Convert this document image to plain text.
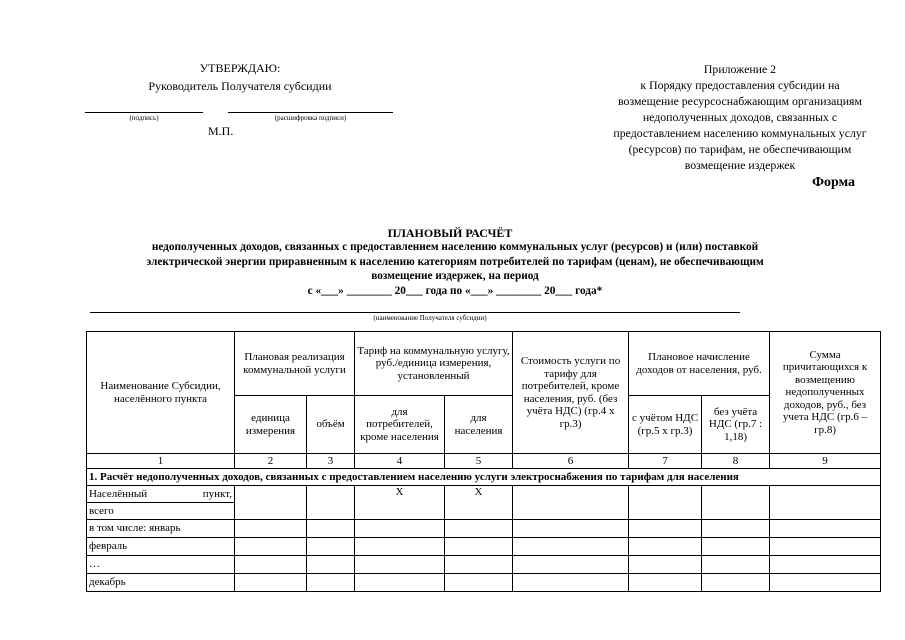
УТВЕРЖДАЮ:
Руководитель Получателя субсидии
(подпись)	(расшифровка подписи)
М.П.
Приложение 2
к Порядку предоставления субсидии на
возмещение ресурсоснабжающим организациям
недополученных доходов, связанных с
предоставлением населению коммунальных услуг
(ресурсов) по тарифам, не обеспечивающим
возмещение издержек
Форма
ПЛАНОВЫЙ РАСЧЁТ
недополученных доходов, связанных с предоставлением населению коммунальных услуг (ресурсов) и (или) поставкой
электрической энергии приравненным к населению категориям потребителей по тарифам (ценам), не обеспечивающим
возмещение издержек, на период
с «___» ________ 20___ года по «___» ________ 20___ года*
(наименование Получателя субсидии)
Наименование Субсидии, населённого пункта	Плановая реализация коммунальной услуги		Тариф на коммунальную услугу, руб./единица измерения, установленный		Стоимость услуги по тарифу для потребителей, кроме населения, руб. (без учёта НДС) (гр.4 х гр.3)	Плановое начисление доходов от населения, руб.		Сумма причитающихся к возмещению недополученных доходов, руб., без учета НДС (гр.6 – гр.8)
	единица измерения	объём	для потребителей, кроме населения	для населения		с учётом НДС (гр.5 х гр.3)	без учёта НДС (гр.7 : 1,18)	
1	2	3	4	5	6	7	8	9
1. Расчёт недополученных доходов, связанных с предоставлением населению услуги электроснабжения по тарифам для населения								
Населённый пункт,			Х	Х				
всего								
в том числе: январь								
февраль								
…								
декабрь								
